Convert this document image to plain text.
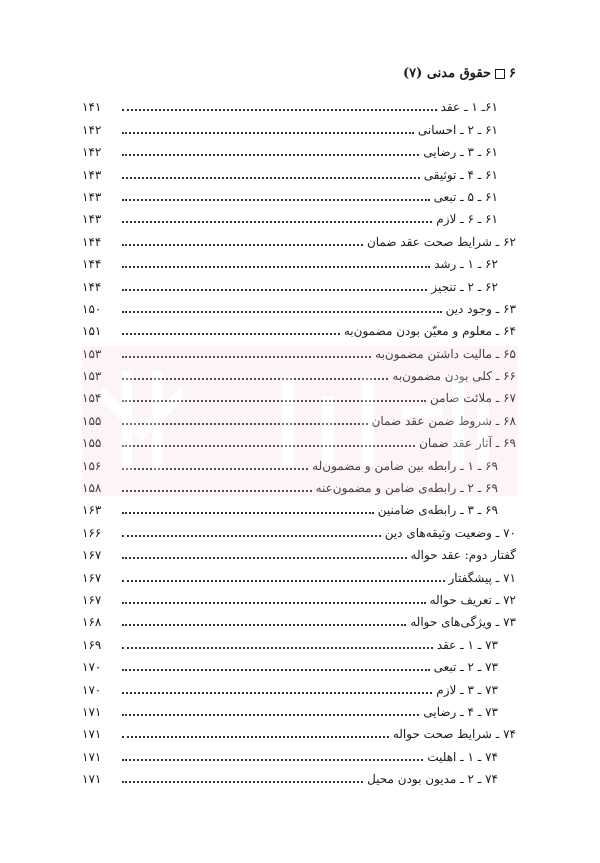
۶
حقوق مدنی (۷)
۶۱ـ ۱ ـ عقد
۱۴۱
۶۱ ـ ۲ ـ احسانی
۱۴۲
۶۱ ـ ۳ ـ رضایی
۱۴۲
۶۱ ـ ۴ ـ توثیقی
۱۴۳
۶۱ ـ ۵ ـ تبعی
۱۴۳
۶۱ ـ ۶ ـ لازم
۱۴۳
۶۲ ـ شرایط صحت عقد ضمان
۱۴۴
۶۲ ـ ۱ ـ رشد
۱۴۴
۶۲ ـ ۲ ـ تنجیز
۱۴۴
۶۳ ـ وجود دین
۱۵۰
۶۴ ـ معلوم و معیّن بودن مضمون‌به
۱۵۱
۶۵ ـ مالیت داشتن مضمون‌به
۱۵۳
۶۶ ـ کلی بودن مضمون‌به
۱۵۳
۶۷ ـ ملائت ضامن
۱۵۴
۶۸ ـ شروط ضمن عقد ضمان
۱۵۵
۶۹ ـ آثار عقد ضمان
۱۵۵
۶۹ ـ ۱ ـ رابطه بین ضامن و مضمون‌له
۱۵۶
۶۹ ـ ۲ ـ رابطه‌ی ضامن و مضمون‌عنه
۱۵۸
۶۹ ـ ۳ ـ رابطه‌ی ضامنین
۱۶۳
۷۰ ـ وضعیت وثیقه‌های دین
۱۶۶
گفتار دوم: عقد حواله
۱۶۷
۷۱ ـ پیشگفتار
۱۶۷
۷۲ ـ تعریف حواله
۱۶۷
۷۳ ـ ویژگی‌های حواله
۱۶۸
۷۳ ـ ۱ ـ عقد
۱۶۹
۷۳ ـ ۲ ـ تبعی
۱۷۰
۷۳ ـ ۳ ـ لازم
۱۷۰
۷۳ ـ ۴ ـ رضایی
۱۷۱
۷۴ ـ شرایط صحت حواله
۱۷۱
۷۴ ـ ۱ ـ اهلیت
۱۷۱
۷۴ ـ ۲ ـ مدیون بودن محیل
۱۷۱
